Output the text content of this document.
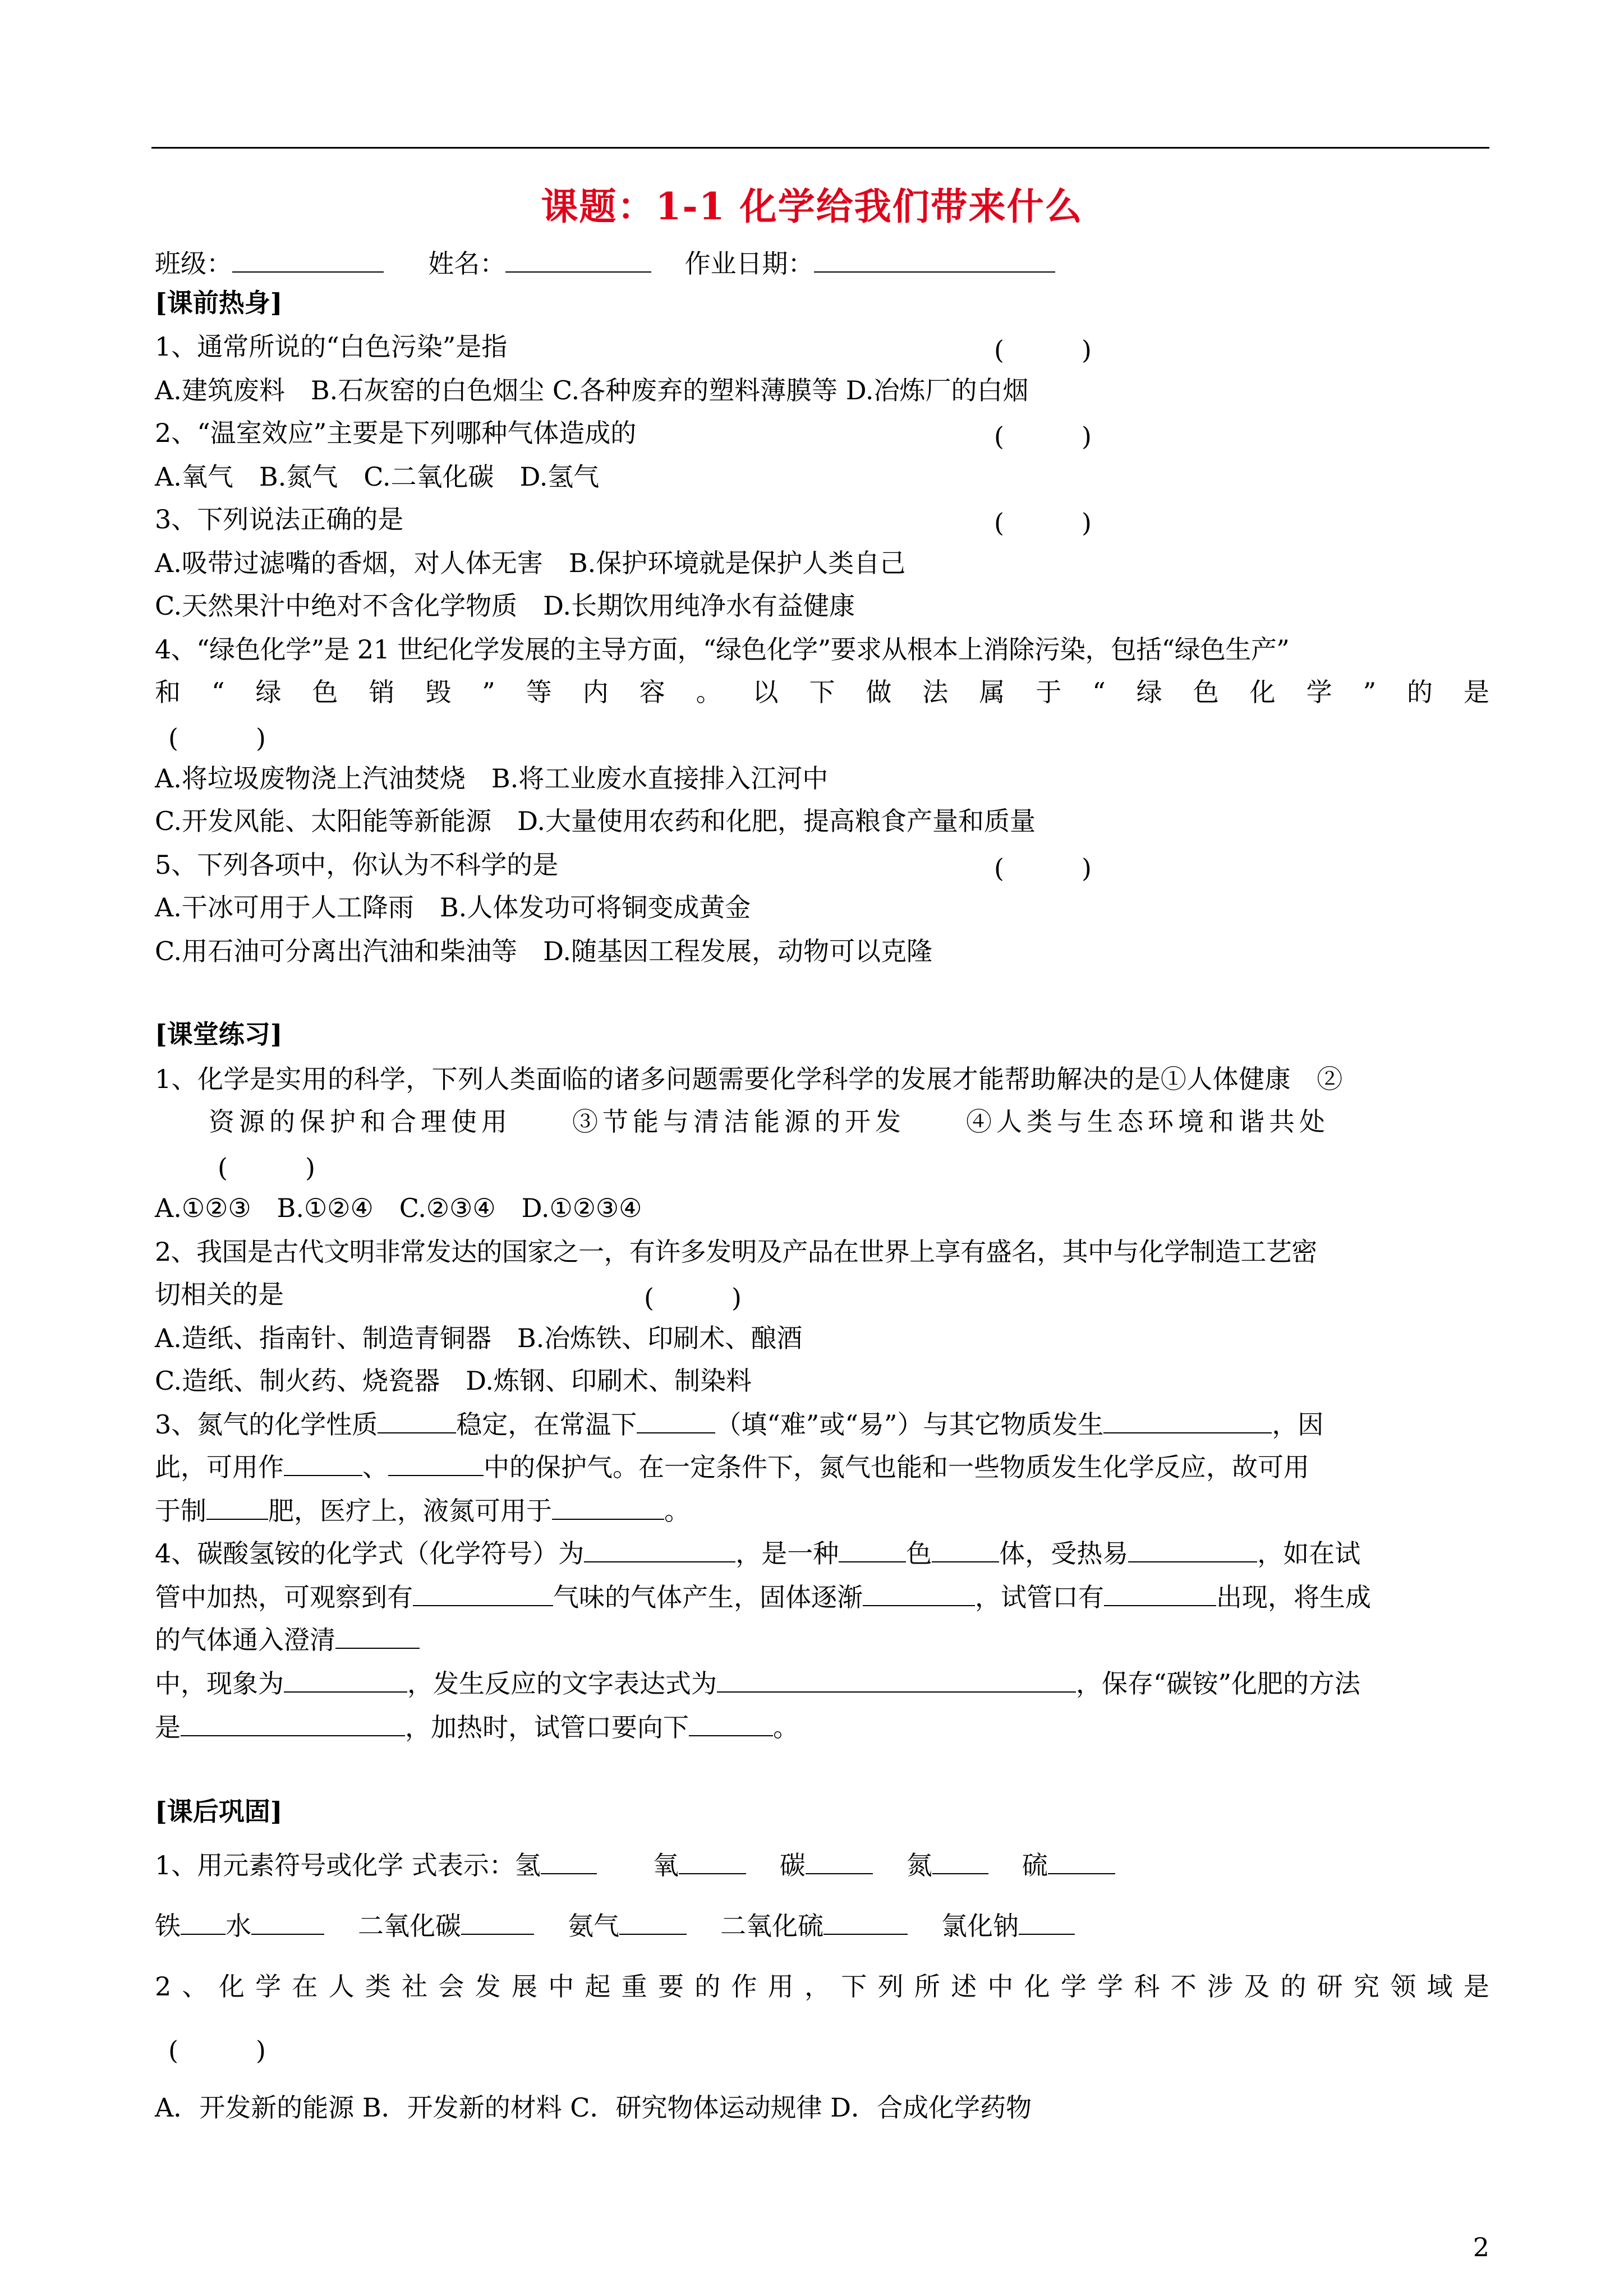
课题：1-1 化学给我们带来什么
班级：	姓名：	作业日期：
[课前热身]
1、通常所说的“白色污染”是指	(　　　)
A.建筑废料　B.石灰窑的白色烟尘 C.各种废弃的塑料薄膜等 D.冶炼厂的白烟
2、“温室效应”主要是下列哪种气体造成的	(　　　)
A.氧气　B.氮气　C.二氧化碳　D.氢气
3、下列说法正确的是	(　　　)
A.吸带过滤嘴的香烟，对人体无害　B.保护环境就是保护人类自己
C.天然果汁中绝对不含化学物质　D.长期饮用纯净水有益健康
4、“绿色化学”是 21 世纪化学发展的主导方面，“绿色化学”要求从根本上消除污染，包括“绿色生产”
和 “ 绿 色 销 毁 ” 等 内 容 。 以 下 做 法 属 于 “ 绿 色 化 学 ” 的 是
(　　　)
A.将垃圾废物浇上汽油焚烧　B.将工业废水直接排入江河中
C.开发风能、太阳能等新能源　D.大量使用农药和化肥，提高粮食产量和质量
5、下列各项中，你认为不科学的是	(　　　)
A.干冰可用于人工降雨　B.人体发功可将铜变成黄金
C.用石油可分离出汽油和柴油等　D.随基因工程发展，动物可以克隆
[课堂练习]
1、化学是实用的科学，下列人类面临的诸多问题需要化学科学的发展才能帮助解决的是①人体健康　②
资源的保护和合理使用　　③节能与清洁能源的开发　　④人类与生态环境和谐共处
(　　　)
A.①②③　B.①②④　C.②③④　D.①②③④
2、我国是古代文明非常发达的国家之一，有许多发明及产品在世界上享有盛名，其中与化学制造工艺密
切相关的是	(　　　)
A.造纸、指南针、制造青铜器　B.冶炼铁、印刷术、酿酒
C.造纸、制火药、烧瓷器　D.炼钢、印刷术、制染料
3、氮气的化学性质	稳定，在常温下	（填“难”或“易”）与其它物质发生	，因
此，可用作	、	中的保护气。在一定条件下，氮气也能和一些物质发生化学反应，故可用
于制 肥，医疗上，液氮可用于	。
4、碳酸氢铵的化学式（化学符号）为	，是一种	色	体，受热易	，如在试
管中加热，可观察到有	气味的气体产生，固体逐渐	，试管口有	出现，将生成
的气体通入澄清
中，现象为	，发生反应的文字表达式为	，保存“碳铵”化肥的方法
是	，加热时，试管口要向下	。
[课后巩固]
1、用元素符号或化学 式表示：氢	氧	碳	氮	硫
铁 水	二氧化碳	氨气	二氧化硫	氯化钠
2 、 化 学 在 人 类 社 会 发 展 中 起 重 要 的 作 用 ， 下 列 所 述 中 化 学 学 科 不 涉 及 的 研 究 领 域 是
(　　　)
A．开发新的能源 B．开发新的材料 C．研究物体运动规律 D．合成化学药物
2
